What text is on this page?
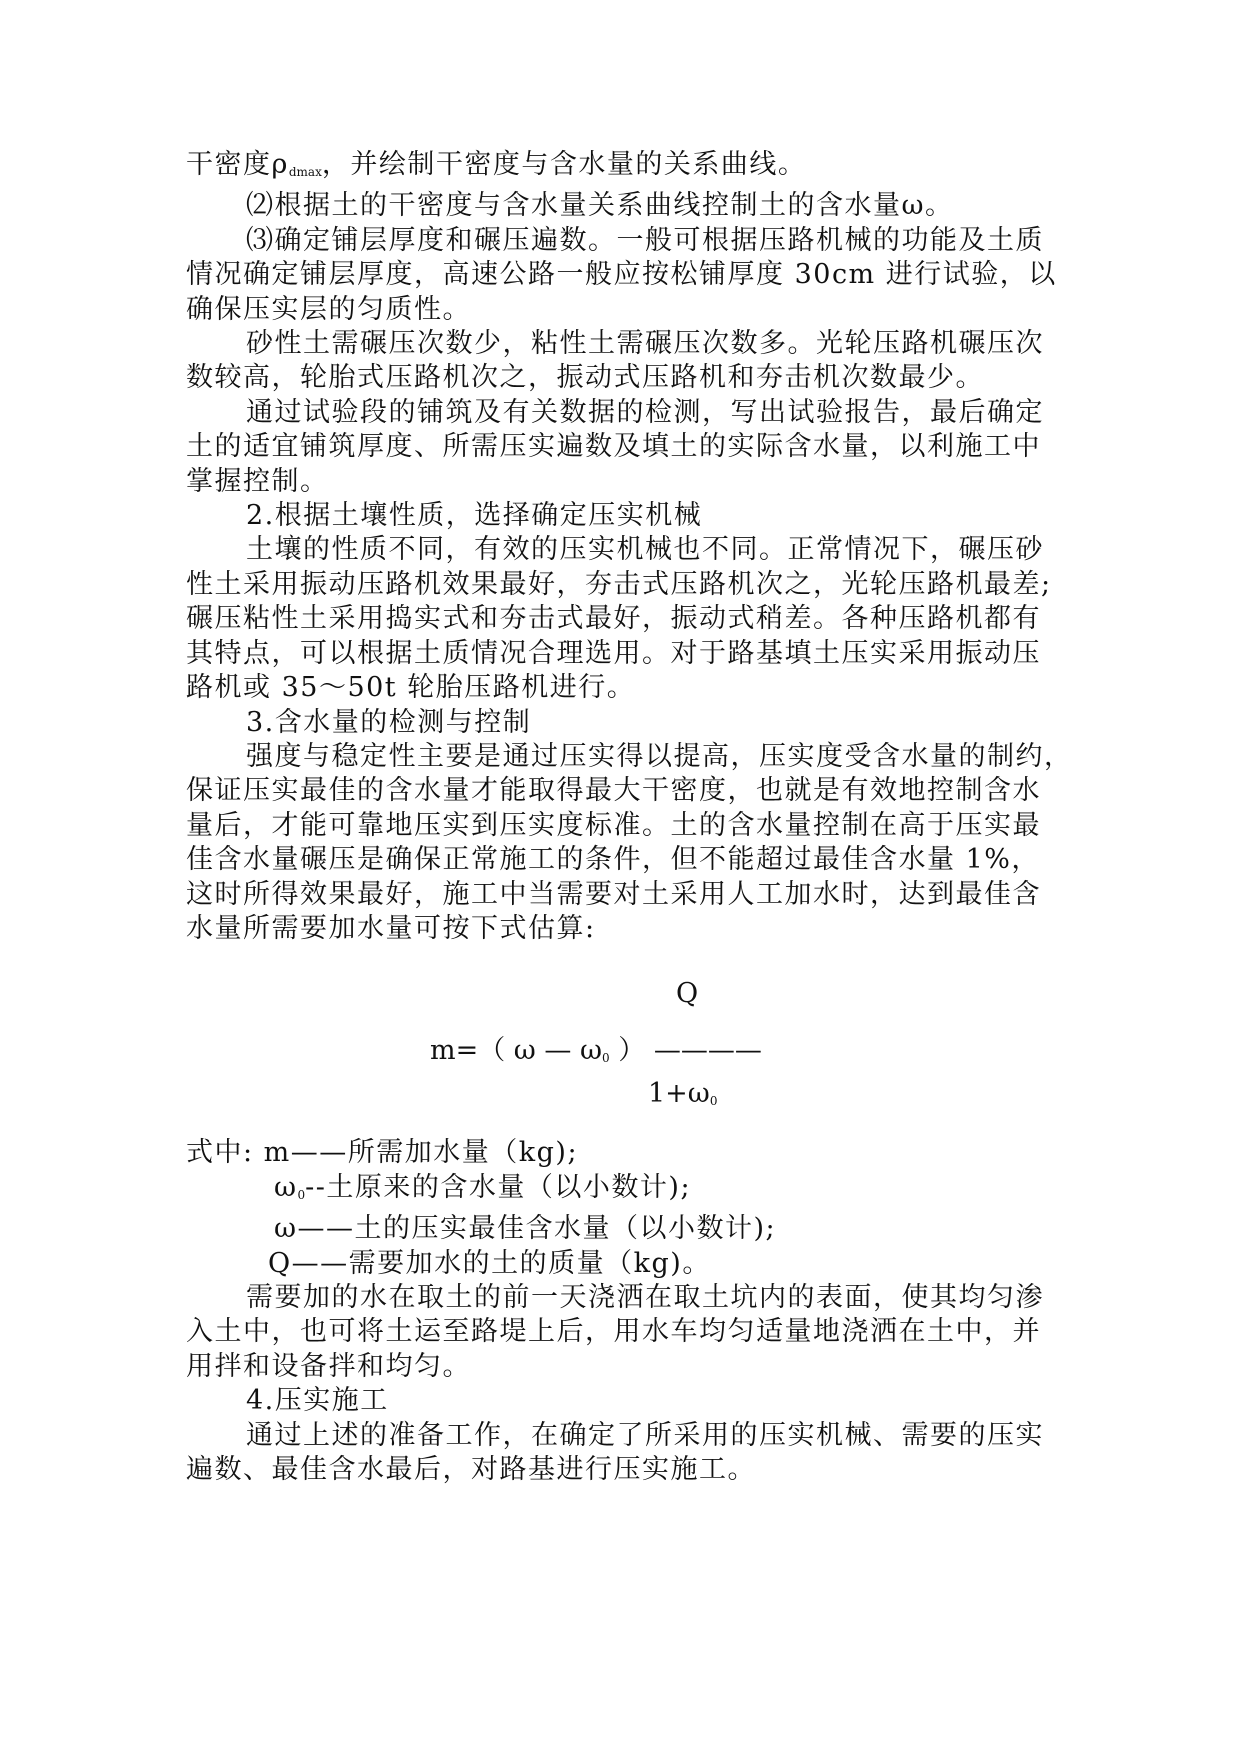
干密度$\rho_{dmax}$，并绘制干密度与含水量的关系曲线。
⑵根据土的干密度与含水量关系曲线控制土的含水量ω。
⑶确定铺层厚度和碾压遍数。一般可根据压路机械的功能及土质
情况确定铺层厚度，高速公路一般应按松铺厚度 30cm 进行试验，以
确保压实层的匀质性。
砂性土需碾压次数少，粘性土需碾压次数多。光轮压路机碾压次
数较高，轮胎式压路机次之，振动式压路机和夯击机次数最少。
通过试验段的铺筑及有关数据的检测，写出试验报告，最后确定
土的适宜铺筑厚度、所需压实遍数及填土的实际含水量，以利施工中
掌握控制。
2.根据土壤性质，选择确定压实机械
土壤的性质不同，有效的压实机械也不同。正常情况下，碾压砂
性土采用振动压路机效果最好，夯击式压路机次之，光轮压路机最差;
碾压粘性土采用捣实式和夯击式最好，振动式稍差。各种压路机都有
其特点，可以根据土质情况合理选用。对于路基填土压实采用振动压
路机或 35～50t 轮胎压路机进行。
3.含水量的检测与控制
强度与稳定性主要是通过压实得以提高，压实度受含水量的制约，
保证压实最佳的含水量才能取得最大干密度，也就是有效地控制含水
量后，才能可靠地压实到压实度标准。土的含水量控制在高于压实最
佳含水量碾压是确保正常施工的条件，但不能超过最佳含水量 1%，
这时所得效果最好，施工中当需要对土采用人工加水时，达到最佳含
水量所需要加水量可按下式估算:
Q
m=（ ω — $\omega_0$ ） ————
$1+\omega_0$
式中: m——所需加水量（kg);
$\omega_0--$土原来的含水量（以小数计);
ω——土的压实最佳含水量（以小数计);
Q——需要加水的土的质量（kg)。
需要加的水在取土的前一天浇洒在取土坑内的表面，使其均匀渗
入土中，也可将土运至路堤上后，用水车均匀适量地浇洒在土中，并
用拌和设备拌和均匀。
4.压实施工
通过上述的准备工作，在确定了所采用的压实机械、需要的压实
遍数、最佳含水最后，对路基进行压实施工。
